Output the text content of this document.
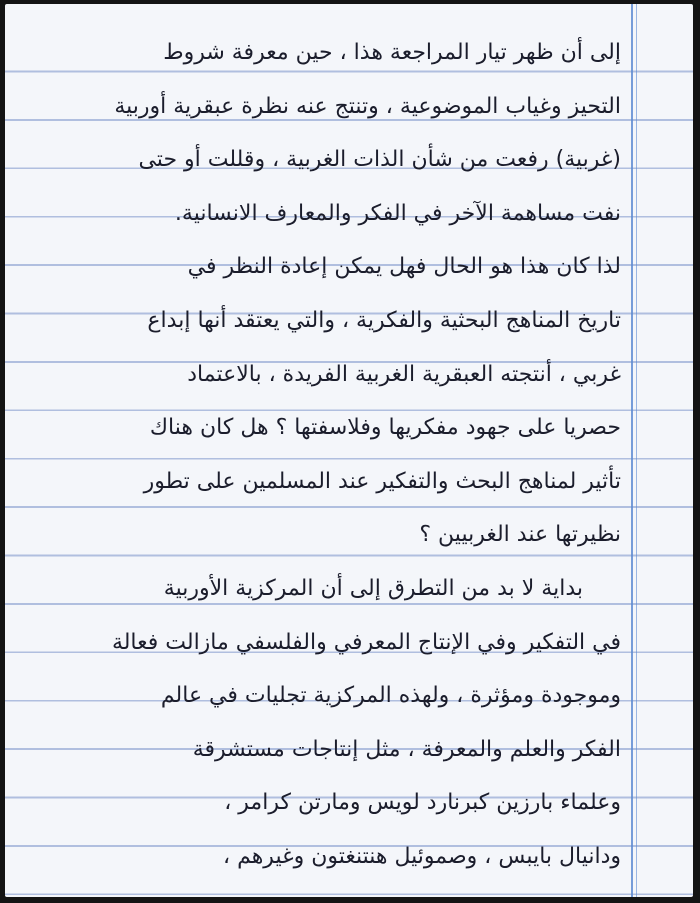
إلى أن ظهر تيار المراجعة هذا ، حين معرفة شروط
التحيز وغياب الموضوعية ، وتنتج عنه نظرة عبقرية أوربية
(غربية) رفعت من شأن الذات الغربية ، وقللت أو حتى
نفت مساهمة الآخر في الفكر والمعارف الانسانية.
لذا كان هذا هو الحال فهل يمكن إعادة النظر في
تاريخ المناهج البحثية والفكرية ، والتي يعتقد أنها إبداع
غربي ، أنتجته العبقرية الغربية الفريدة ، بالاعتماد
حصريا على جهود مفكريها وفلاسفتها ؟ هل كان هناك
تأثير لمناهج البحث والتفكير عند المسلمين على تطور
نظيرتها عند الغربيين ؟
بداية لا بد من التطرق إلى أن المركزية الأوربية
في التفكير وفي الإنتاج المعرفي والفلسفي مازالت فعالة
وموجودة ومؤثرة ، ولهذه المركزية تجليات في عالم
الفكر والعلم والمعرفة ، مثل إنتاجات مستشرقة
وعلماء بارزين كبرنارد لويس ومارتن كرامر ،
ودانيال بايبس ، وصموئيل هنتنغتون وغيرهم ،
